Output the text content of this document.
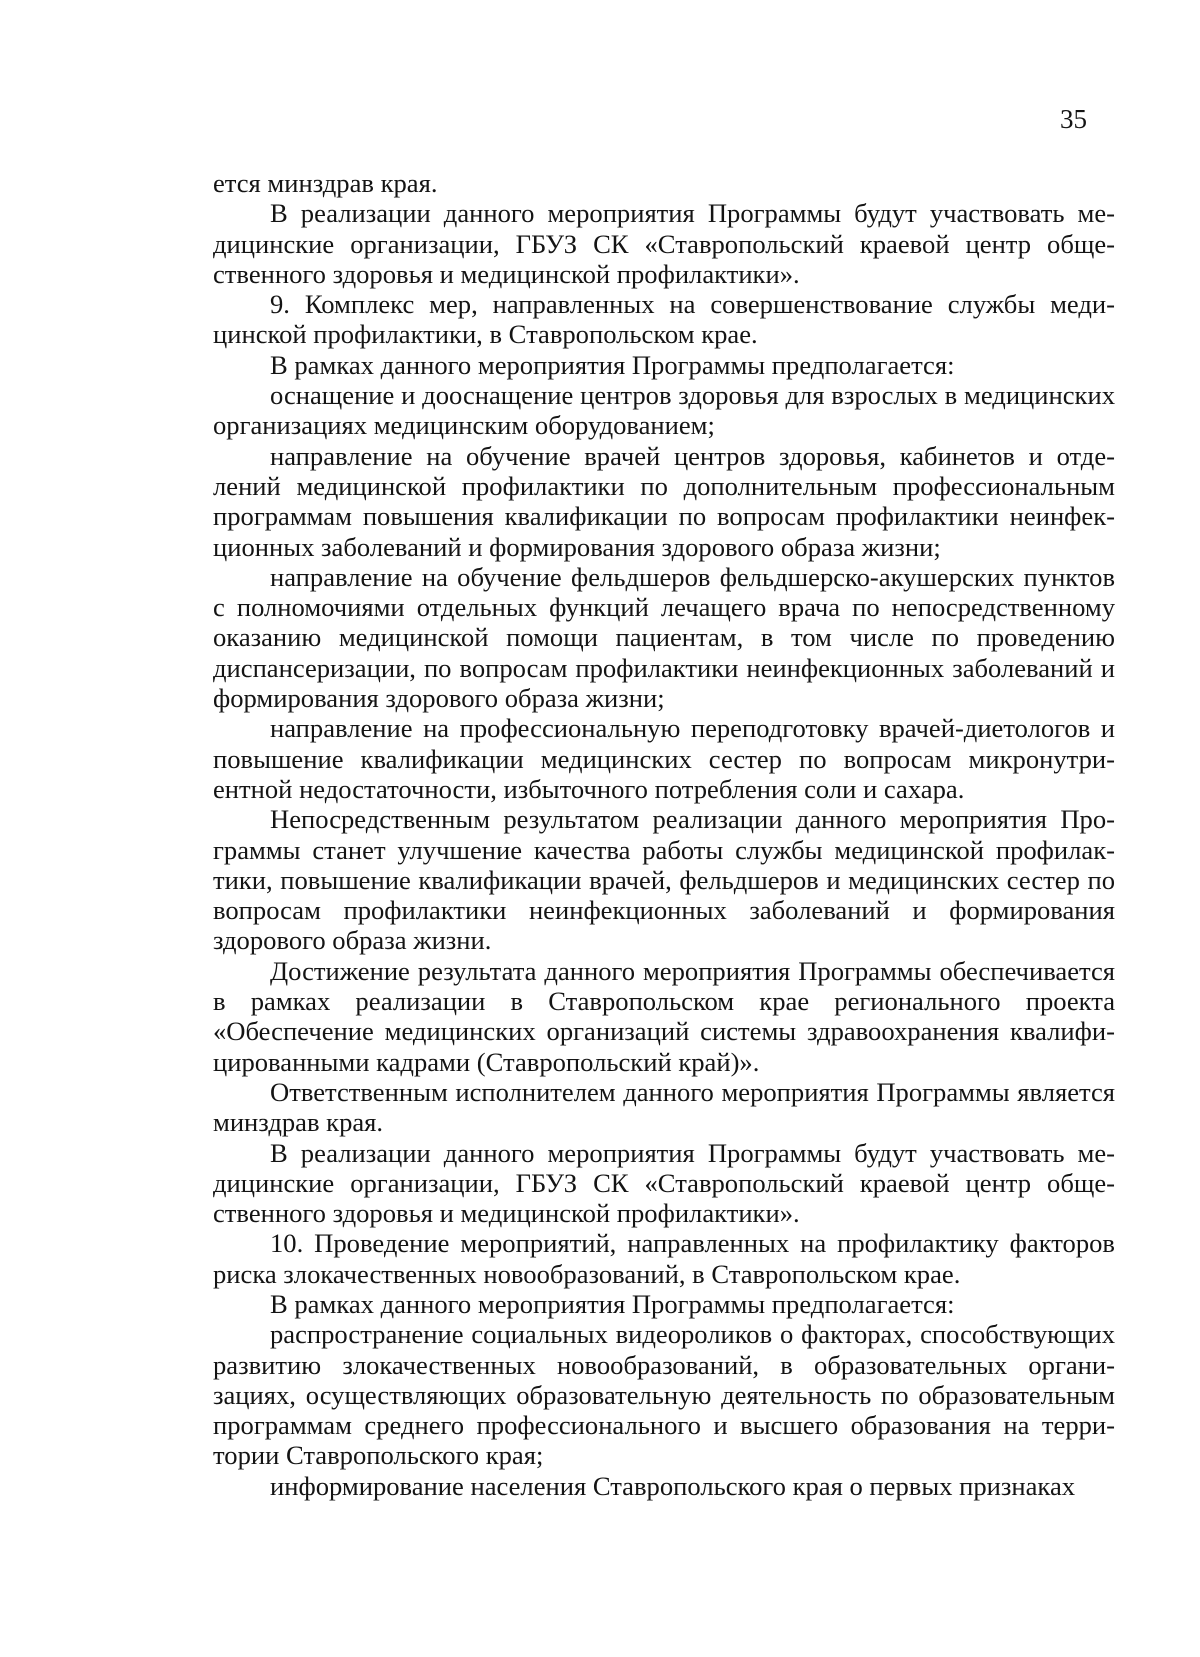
35

ется минздрав края.

В реализации данного мероприятия Программы будут участвовать медицинские организации, ГБУЗ СК «Ставропольский краевой центр общественного здоровья и медицинской профилактики».

9. Комплекс мер, направленных на совершенствование службы медицинской профилактики, в Ставропольском крае.

В рамках данного мероприятия Программы предполагается:

оснащение и дооснащение центров здоровья для взрослых в медицинских организациях медицинским оборудованием;

направление на обучение врачей центров здоровья, кабинетов и отделений медицинской профилактики по дополнительным профессиональным программам повышения квалификации по вопросам профилактики неинфекционных заболеваний и формирования здорового образа жизни;

направление на обучение фельдшеров фельдшерско-акушерских пунктов с полномочиями отдельных функций лечащего врача по непосредственному оказанию медицинской помощи пациентам, в том числе по проведению диспансеризации, по вопросам профилактики неинфекционных заболеваний и формирования здорового образа жизни;

направление на профессиональную переподготовку врачей-диетологов и повышение квалификации медицинских сестер по вопросам микронутриентной недостаточности, избыточного потребления соли и сахара.

Непосредственным результатом реализации данного мероприятия Программы станет улучшение качества работы службы медицинской профилактики, повышение квалификации врачей, фельдшеров и медицинских сестер по вопросам профилактики неинфекционных заболеваний и формирования здорового образа жизни.

Достижение результата данного мероприятия Программы обеспечивается в рамках реализации в Ставропольском крае регионального проекта «Обеспечение медицинских организаций системы здравоохранения квалифицированными кадрами (Ставропольский край)».

Ответственным исполнителем данного мероприятия Программы является минздрав края.

В реализации данного мероприятия Программы будут участвовать медицинские организации, ГБУЗ СК «Ставропольский краевой центр общественного здоровья и медицинской профилактики».

10. Проведение мероприятий, направленных на профилактику факторов риска злокачественных новообразований, в Ставропольском крае.

В рамках данного мероприятия Программы предполагается:

распространение социальных видеороликов о факторах, способствующих развитию злокачественных новообразований, в образовательных организациях, осуществляющих образовательную деятельность по образовательным программам среднего профессионального и высшего образования на территории Ставропольского края;

информирование населения Ставропольского края о первых признаках
